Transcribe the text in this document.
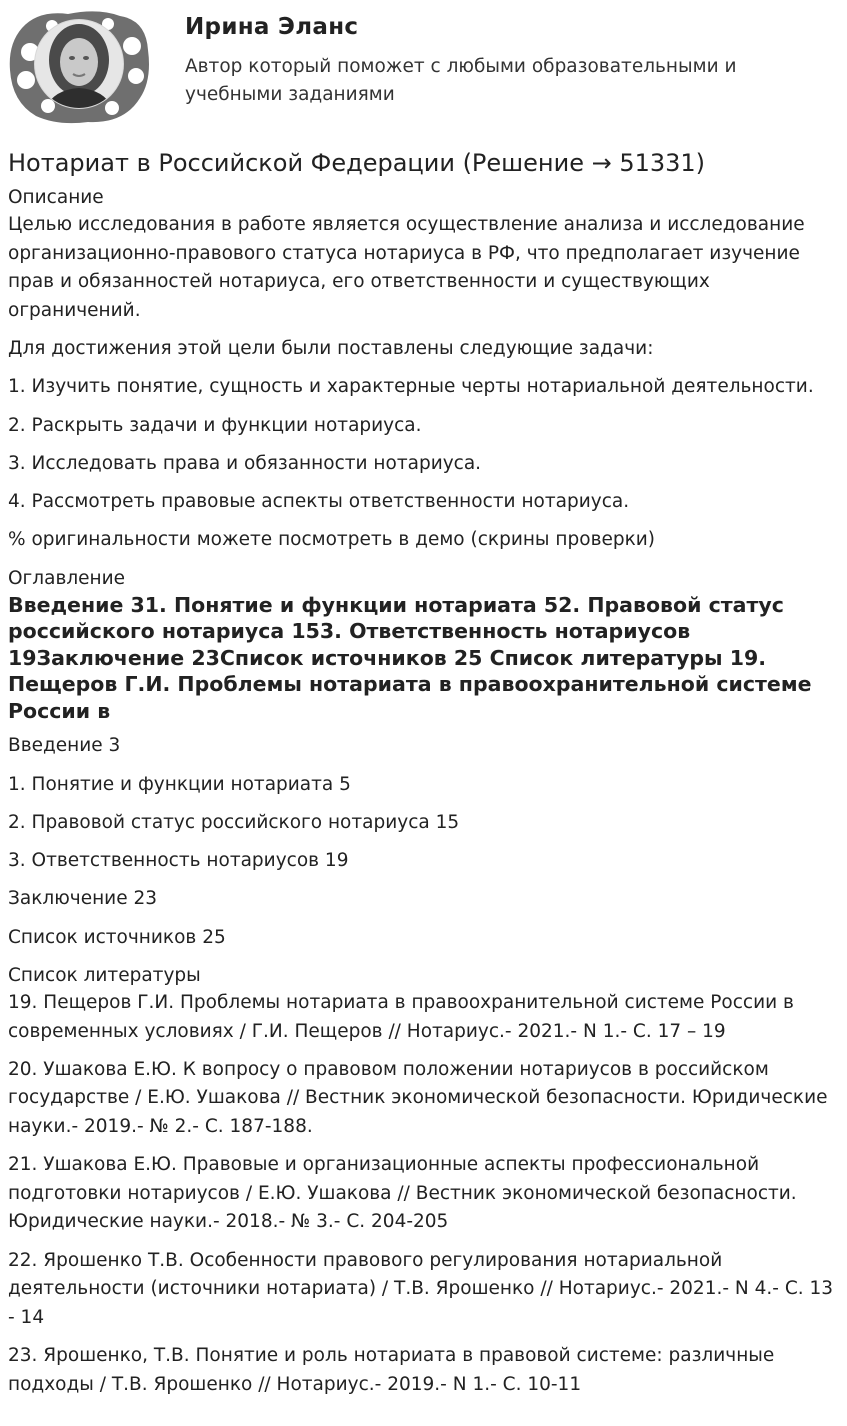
Ирина Эланс
Автор который поможет с любыми образовательными и учебными заданиями
Нотариат в Российской Федерации (Решение → 51331)
Описание

Целью исследования в работе является осуществление анализа и исследование организационно-правового статуса нотариуса в РФ, что предполагает изучение прав и обязанностей нотариуса, его ответственности и существующих ограничений.

Для достижения этой цели были поставлены следующие задачи:

1. Изучить понятие, сущность и характерные черты нотариальной деятельности.

2. Раскрыть задачи и функции нотариуса.

3. Исследовать права и обязанности нотариуса.

4. Рассмотреть правовые аспекты ответственности нотариуса.

% оригинальности можете посмотреть в демо (скрины проверки)

Оглавление
Введение 31. Понятие и функции нотариата 52. Правовой статус российского нотариуса 153. Ответственность нотариусов 19Заключение 23Список источников 25 Список литературы 19. Пещеров Г.И. Проблемы нотариата в правоохранительной системе России в

Введение 3

1. Понятие и функции нотариата 5

2. Правовой статус российского нотариуса 15

3. Ответственность нотариусов 19

Заключение 23

Список источников 25

Список литературы

19. Пещеров Г.И. Проблемы нотариата в правоохранительной системе России в современных условиях / Г.И. Пещеров // Нотариус.- 2021.- N 1.- С. 17 – 19

20. Ушакова Е.Ю. К вопросу о правовом положении нотариусов в российском государстве / Е.Ю. Ушакова // Вестник экономической безопасности. Юридические науки.- 2019.- № 2.- С. 187-188.

21. Ушакова Е.Ю. Правовые и организационные аспекты профессиональной подготовки нотариусов / Е.Ю. Ушакова // Вестник экономической безопасности. Юридические науки.- 2018.- № 3.- С. 204-205

22. Ярошенко Т.В. Особенности правового регулирования нотариальной деятельности (источники нотариата) / Т.В. Ярошенко // Нотариус.- 2021.- N 4.- С. 13 - 14

23. Ярошенко, Т.В. Понятие и роль нотариата в правовой системе: различные подходы / Т.В. Ярошенко // Нотариус.- 2019.- N 1.- С. 10-11
